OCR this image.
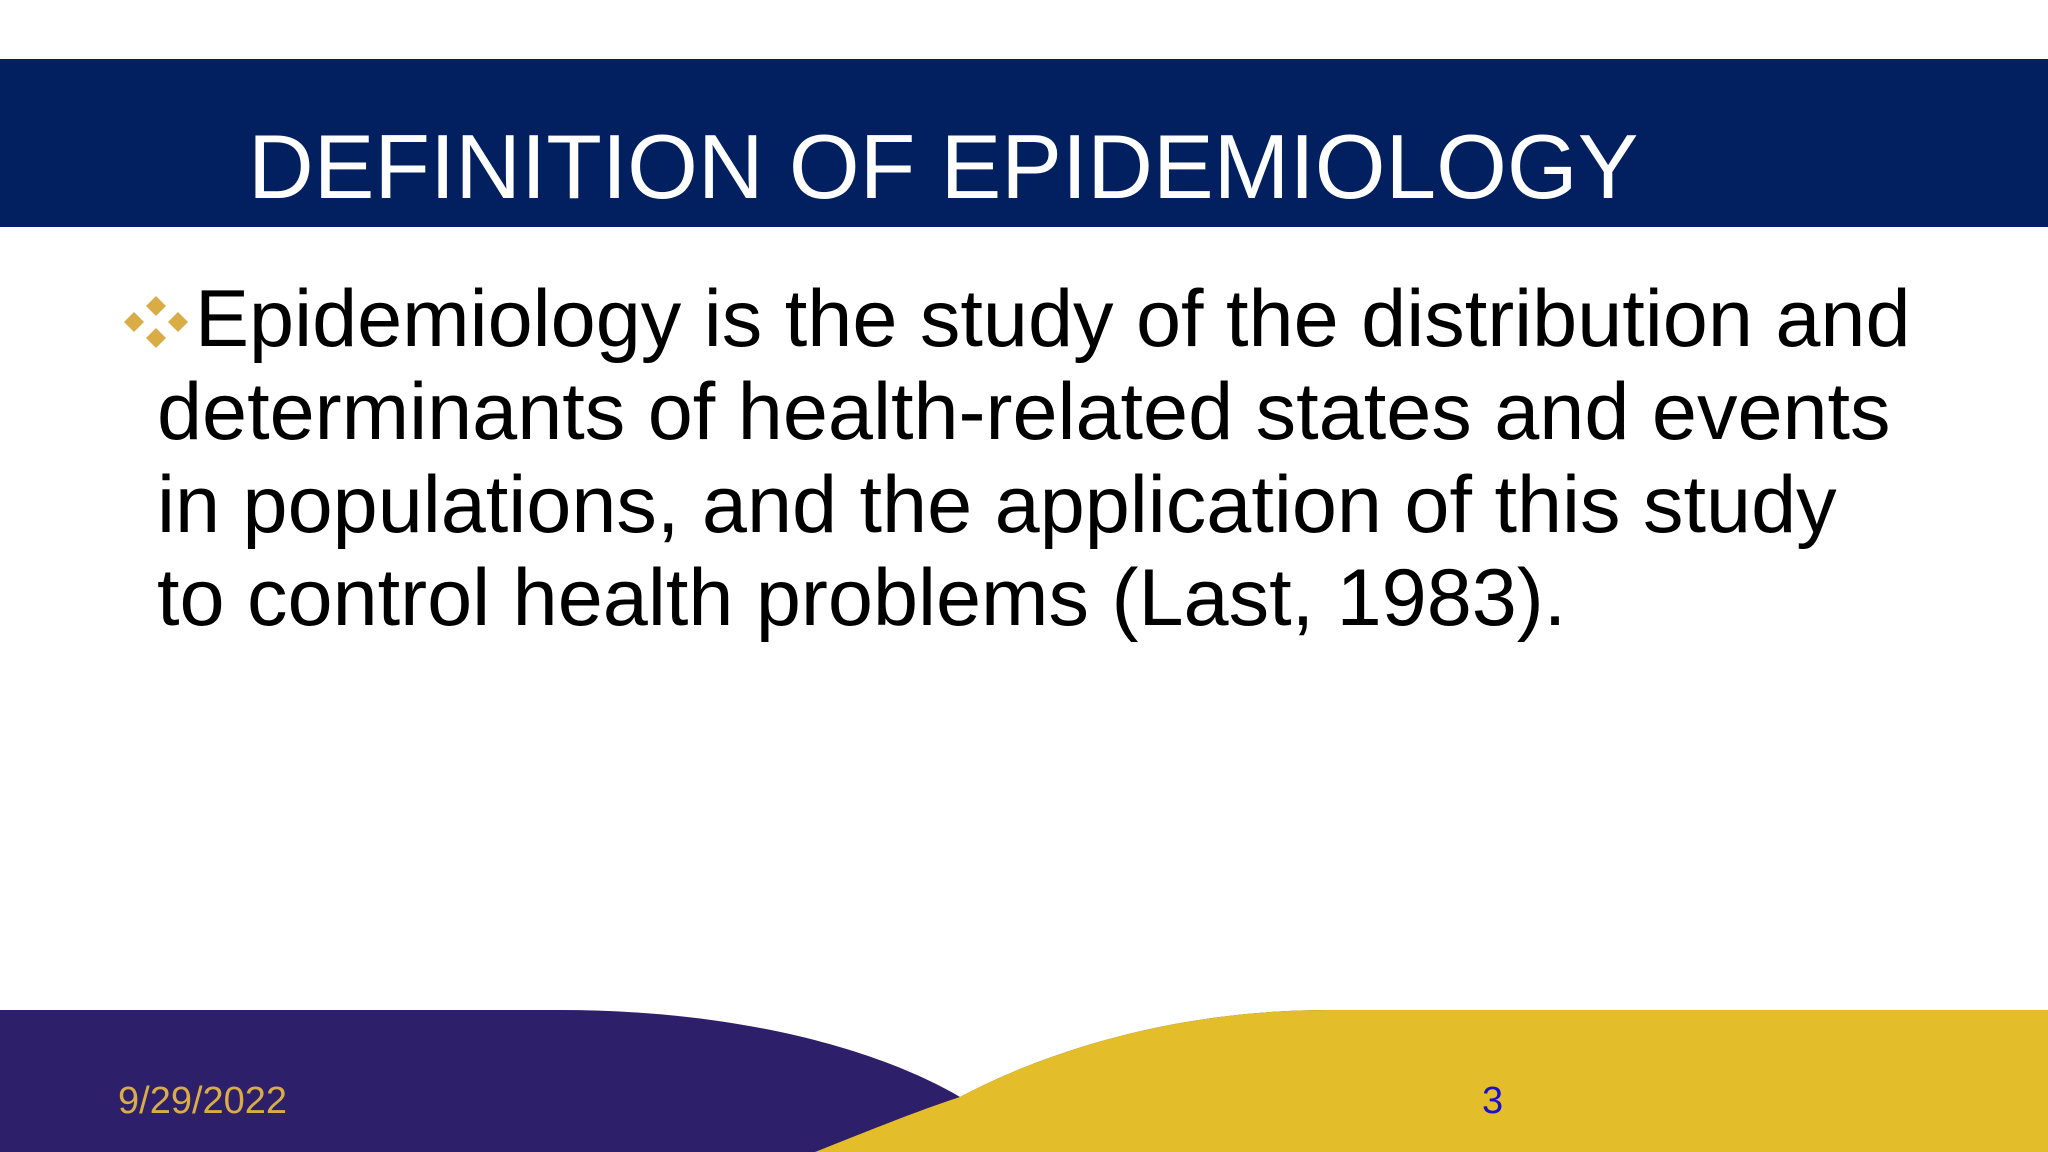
DEFINITION OF EPIDEMIOLOGY

Epidemiology is the study of the distribution and determinants of health-related states and events in populations, and the application of this study to control health problems (Last, 1983).

9/29/2022	3
